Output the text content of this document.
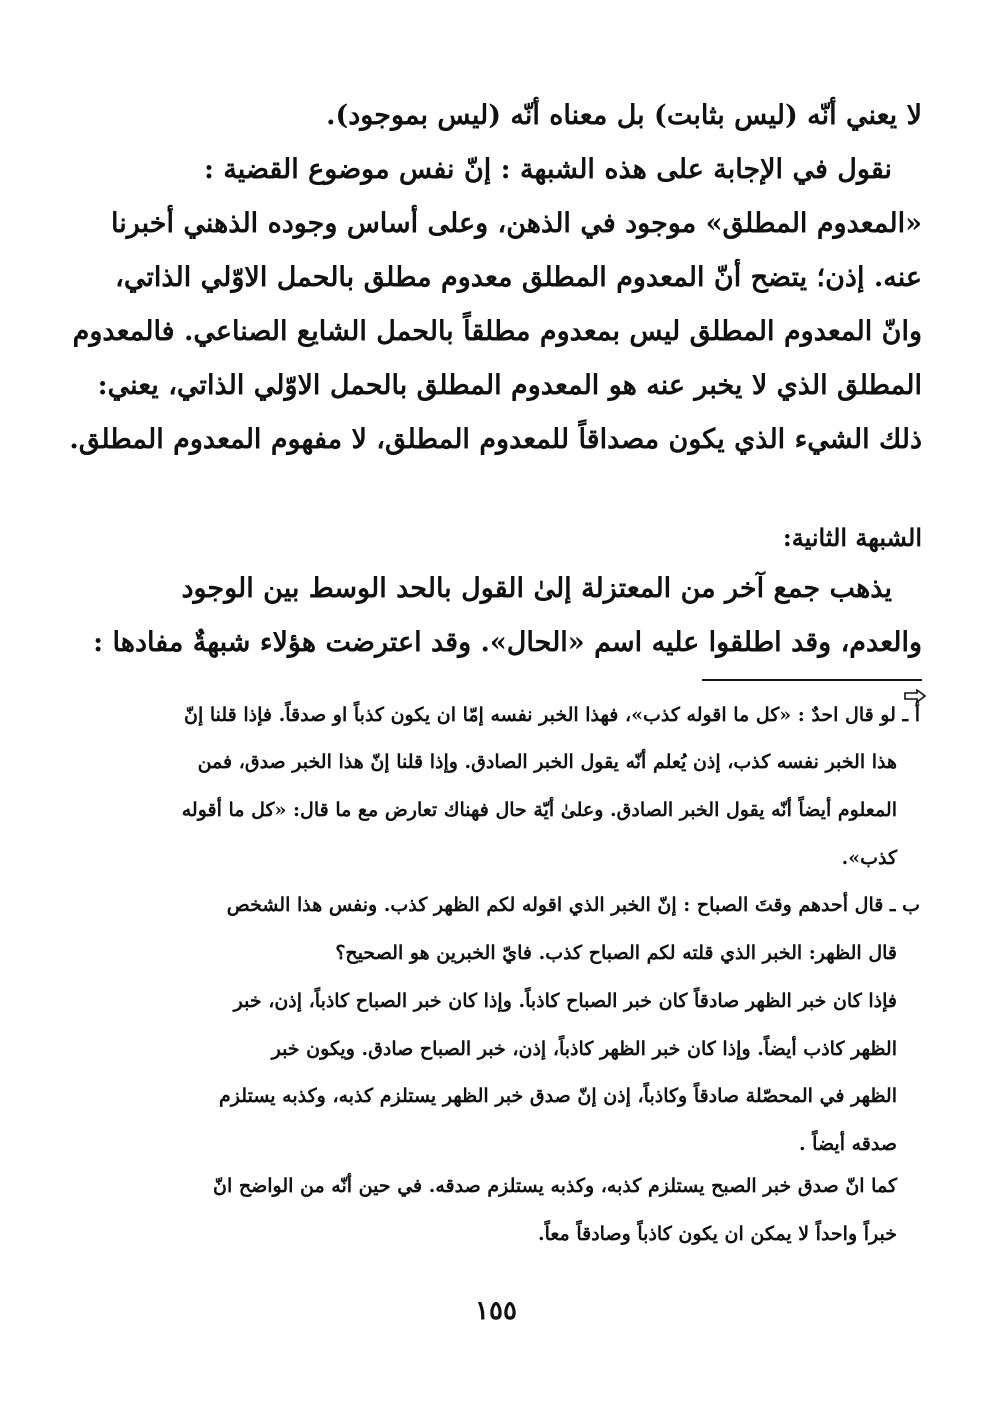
لا يعني أنّه (ليس بثابت) بل معناه أنّه (ليس بموجود).
نقول في الإجابة على هذه الشبهة : إنّ نفس موضوع القضية :
«المعدوم المطلق» موجود في الذهن، وعلى أساس وجوده الذهني أخبرنا
عنه. إذن؛ يتضح أنّ المعدوم المطلق معدوم مطلق بالحمل الاوّلي الذاتي،
وانّ المعدوم المطلق ليس بمعدوم مطلقاً بالحمل الشايع الصناعي. فالمعدوم
المطلق الذي لا يخبر عنه هو المعدوم المطلق بالحمل الاوّلي الذاتي، يعني:
ذلك الشيء الذي يكون مصداقاً للمعدوم المطلق، لا مفهوم المعدوم المطلق.
الشبهة الثانية:
يذهب جمع آخر من المعتزلة إلىٰ القول بالحد الوسط بين الوجود
والعدم، وقد اطلقوا عليه اسم «الحال». وقد اعترضت هؤلاء شبهةٌ مفادها :
أ ـ لو قال احدٌ : «كل ما اقوله كذب»، فهذا الخبر نفسه إمّا ان يكون كذباً او صدقاً. فإذا قلنا إنّ
هذا الخبر نفسه كذب، إذن يُعلم أنّه يقول الخبر الصادق. وإذا قلنا إنّ هذا الخبر صدق، فمن
المعلوم أيضاً أنّه يقول الخبر الصادق. وعلىٰ أيّة حال فهناك تعارض مع ما قال: «كل ما أقوله
كذب».
ب ـ قال أحدهم وقتَ الصباح : إنّ الخبر الذي اقوله لكم الظهر كذب. ونفس هذا الشخص
قال الظهر: الخبر الذي قلته لكم الصباح كذب. فايّ الخبرين هو الصحيح؟
فإذا كان خبر الظهر صادقاً كان خبر الصباح كاذباً. وإذا كان خبر الصباح كاذباً، إذن، خبر
الظهر كاذب أيضاً. وإذا كان خبر الظهر كاذباً، إذن، خبر الصباح صادق. ويكون خبر
الظهر في المحصّلة صادقاً وكاذباً، إذن إنّ صدق خبر الظهر يستلزم كذبه، وكذبه يستلزم
صدقه أيضاً .
كما انّ صدق خبر الصبح يستلزم كذبه، وكذبه يستلزم صدقه. في حين أنّه من الواضح انّ
خبراً واحداً لا يمكن ان يكون كاذباً وصادقاً معاً.
١٥٥
